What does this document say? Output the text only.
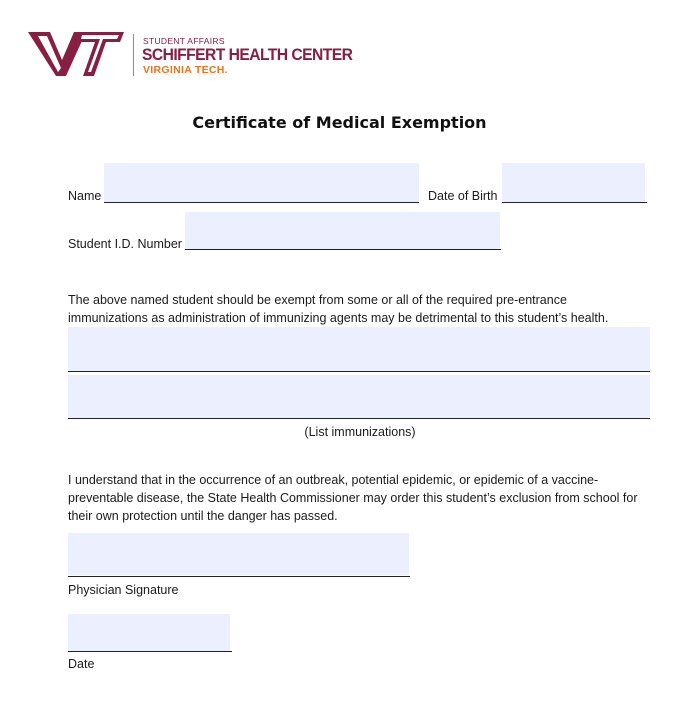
STUDENT AFFAIRS
SCHIFFERT HEALTH CENTER
VIRGINIA TECH.
Certificate of Medical Exemption
Name	Date of Birth
Student I.D. Number
The above named student should be exempt from some or all of the required pre-entrance immunizations as administration of immunizing agents may be detrimental to this student’s health.
(List immunizations)
I understand that in the occurrence of an outbreak, potential epidemic, or epidemic of a vaccine-preventable disease, the State Health Commissioner may order this student’s exclusion from school for their own protection until the danger has passed.
Physician Signature
Date
